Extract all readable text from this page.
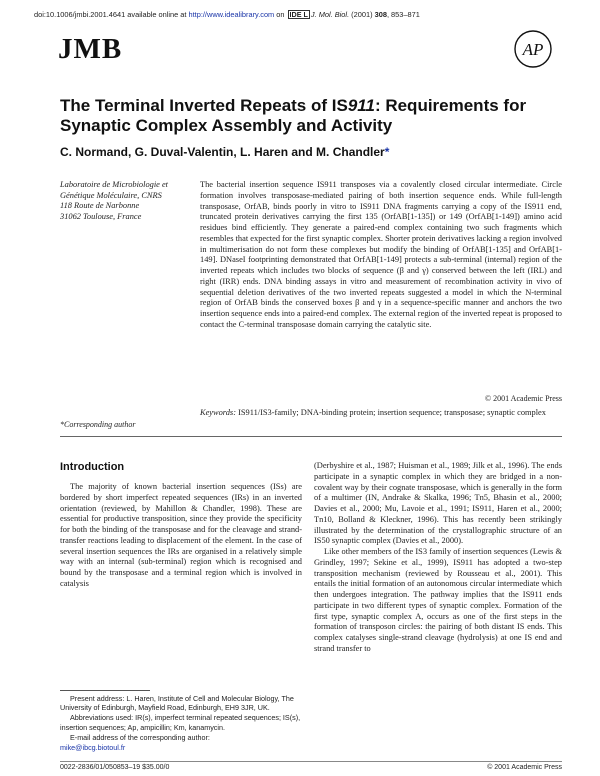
doi:10.1006/jmbi.2001.4641 available online at http://www.idealibrary.com on IDE L J. Mol. Biol. (2001) 308, 853–871
JMB	AP
The Terminal Inverted Repeats of IS911: Requirements for Synaptic Complex Assembly and Activity
C. Normand, G. Duval-Valentin, L. Haren and M. Chandler*
Laboratoire de Microbiologie et
Génétique Moléculaire, CNRS
118 Route de Narbonne
31062 Toulouse, France
The bacterial insertion sequence IS911 transposes via a covalently closed circular intermediate. Circle formation involves transposase-mediated pairing of both insertion sequence ends. While full-length transposase, OrfAB, binds poorly in vitro to IS911 DNA fragments carrying a copy of the IS911 end, truncated protein derivatives carrying the first 135 (OrfAB[1-135]) or 149 (OrfAB[1-149]) amino acid residues bind efficiently. They generate a paired-end complex containing two such fragments which resembles that expected for the first synaptic complex. Shorter protein derivatives lacking a region involved in multimerisation do not form these complexes but modify the binding of OrfAB[1-135] and OrfAB[1-149]. DNaseI footprinting demonstrated that OrfAB[1-149] protects a sub-terminal (internal) region of the inverted repeats which includes two blocks of sequence (β and γ) conserved between the left (IRL) and right (IRR) ends. DNA binding assays in vitro and measurement of recombination activity in vivo of sequential deletion derivatives of the two inverted repeats suggested a model in which the N-terminal region of OrfAB binds the conserved boxes β and γ in a sequence-specific manner and anchors the two insertion sequence ends into a paired-end complex. The external region of the inverted repeat is proposed to contact the C-terminal transposase domain carrying the catalytic site.
© 2001 Academic Press
Keywords: IS911/IS3-family; DNA-binding protein; insertion sequence; transposase; synaptic complex
*Corresponding author
Introduction
The majority of known bacterial insertion sequences (ISs) are bordered by short imperfect repeated sequences (IRs) in an inverted orientation (reviewed, by Mahillon & Chandler, 1998). These are essential for productive transposition, since they provide the specificity for both the binding of the transposase and for the cleavage and strand-transfer reactions leading to displacement of the element. In the case of several insertion sequences the IRs are organised in a relatively simple way with an internal (sub-terminal) region which is recognised and bound by the transposase and a terminal region which is involved in catalysis

(Derbyshire et al., 1987; Huisman et al., 1989; Jilk et al., 1996). The ends participate in a synaptic complex in which they are bridged in a non-covalent way by their cognate transposase, which is generally in the form of a multimer (IN, Andrake & Skalka, 1996; Tn5, Bhasin et al., 2000; Davies et al., 2000; Mu, Lavoie et al., 1991; IS911, Haren et al., 2000; Tn10, Bolland & Kleckner, 1996). This has recently been strikingly illustrated by the determination of the crystallographic structure of an IS50 synaptic complex (Davies et al., 2000).

Like other members of the IS3 family of insertion sequences (Lewis & Grindley, 1997; Sekine et al., 1999), IS911 has adopted a two-step transposition mechanism (reviewed by Rousseau et al., 2001). This entails the initial formation of an autonomous circular intermediate which then undergoes integration. The pathway implies that the IS911 ends participate in two different types of synaptic complex. Formation of the first type, synaptic complex A, occurs as one of the first steps in the formation of transposon circles: the pairing of both distant IS ends. This complex catalyses single-strand cleavage (hydrolysis) at one IS end and strand transfer to

Present address: L. Haren, Institute of Cell and Molecular Biology, The University of Edinburgh, Mayfield Road, Edinburgh, EH9 3JR, UK.

Abbreviations used: IR(s), imperfect terminal repeated sequences; IS(s), insertion sequences; Ap, ampicillin; Km, kanamycin.

E-mail address of the corresponding author:

mike@ibcg.biotoul.fr

0022-2836/01/050853–19 $35.00/0	© 2001 Academic Press
